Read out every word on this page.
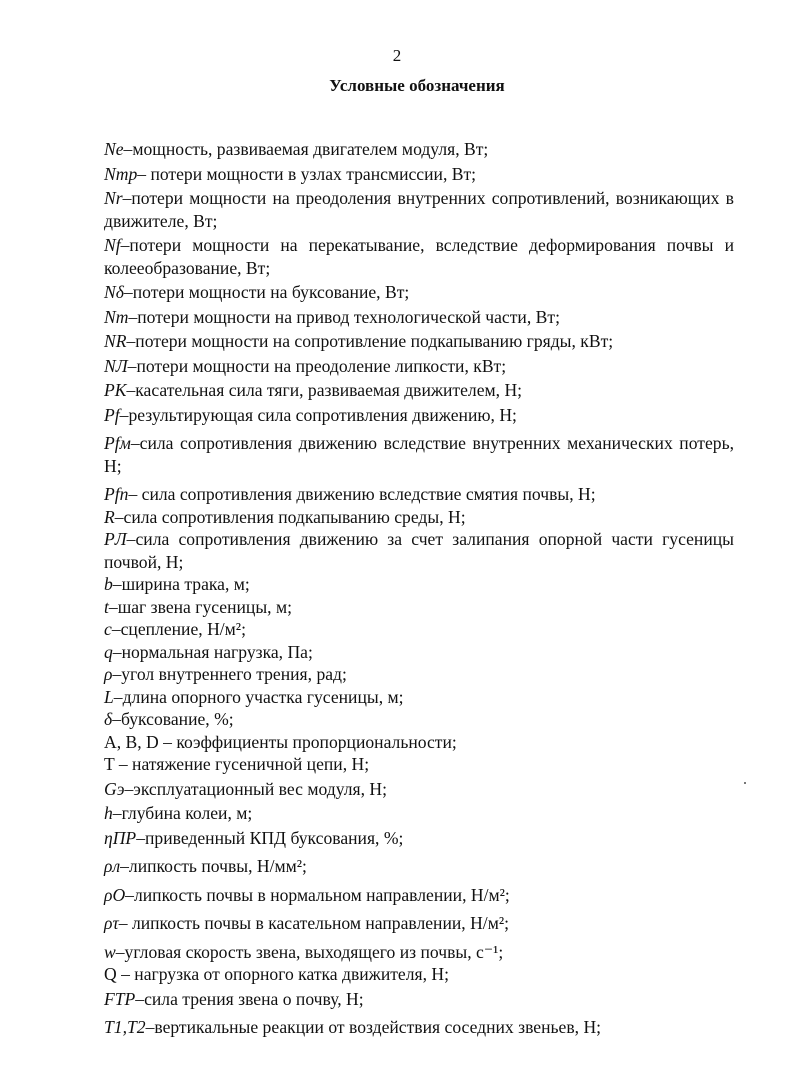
2
Условные обозначения

Ne–мощность, развиваемая двигателем модуля, Вт;

Nmp– потери мощности в узлах трансмиссии, Вт;

Nr–потери мощности на преодоления внутренних сопротивлений, возникающих в движителе, Вт;

Nf–потери мощности на перекатывание, вследствие деформирования почвы и колееобразование, Вт;

Nδ–потери мощности на буксование, Вт;

Nm–потери мощности на привод технологической части, Вт;

NR–потери мощности на сопротивление подкапыванию гряды, кВт;

NЛ–потери мощности на преодоление липкости, кВт;

PК–касательная сила тяги, развиваемая движителем, Н;

Pf–результирующая сила сопротивления движению, Н;

Pfм–сила сопротивления движению вследствие внутренних механических потерь, Н;

Pfп– сила сопротивления движению вследствие смятия почвы, Н;

R–сила сопротивления подкапыванию среды, Н;

PЛ–сила сопротивления движению за счет залипания опорной части гусеницы почвой, Н;

b–ширина трака, м;

t–шаг звена гусеницы, м;

c–сцепление, Н/м²;

q–нормальная нагрузка, Па;

ρ–угол внутреннего трения, рад;

L–длина опорного участка гусеницы, м;

δ–буксование, %;

A, B, D – коэффициенты пропорциональности;

T – натяжение гусеничной цепи, Н;

Gэ–эксплуатационный вес модуля, Н;

h–глубина колеи, м;

ηПР–приведенный КПД буксования, %;

ρл–липкость почвы, Н/мм²;

ρO–липкость почвы в нормальном направлении, Н/м²;

ρτ– липкость почвы в касательном направлении, Н/м²;

w–угловая скорость звена, выходящего из почвы, c⁻¹;

Q – нагрузка от опорного катка движителя, Н;

FТР–сила трения звена о почву, Н;

T1,T2–вертикальные реакции от воздействия соседних звеньев, Н;
